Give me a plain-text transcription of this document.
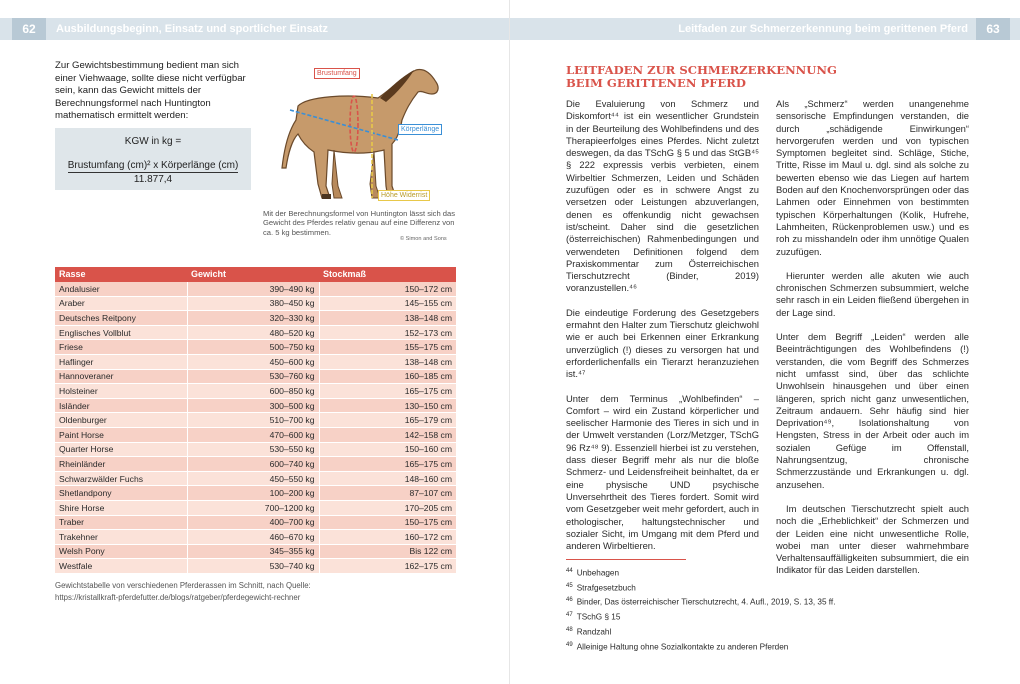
62	Ausbildungsbeginn, Einsatz und sportlicher Einsatz

Zur Gewichtsbestimmung bedient man sich einer Viehwaage, sollte diese nicht verfügbar sein, kann das Gewicht mittels der Berechnungsformel nach Huntington mathematisch ermittelt werden:

KGW in kg =
Brustumfang (cm)² x Körperlänge (cm)
11.877,4
Brustumfang
Körperlänge
Höhe Widerrist

Mit der Berechnungsformel von Huntington lässt sich das Gewicht des Pferdes relativ genau auf eine Differenz von ca. 5 kg bestimmen.

© Simon and Sons
Rasse	Gewicht	Stockmaß
Andalusier	390–490 kg	150–172 cm
Araber	380–450 kg	145–155 cm
Deutsches Reitpony	320–330 kg	138–148 cm
Englisches Vollblut	480–520 kg	152–173 cm
Friese	500–750 kg	155–175 cm
Haflinger	450–600 kg	138–148 cm
Hannoveraner	530–760 kg	160–185 cm
Holsteiner	600–850 kg	165–175 cm
Isländer	300–500 kg	130–150 cm
Oldenburger	510–700 kg	165–179 cm
Paint Horse	470–600 kg	142–158 cm
Quarter Horse	530–550 kg	150–160 cm
Rheinländer	600–740 kg	165–175 cm
Schwarzwälder Fuchs	450–550 kg	148–160 cm
Shetlandpony	100–200 kg	87–107 cm
Shire Horse	700–1200 kg	170–205 cm
Traber	400–700 kg	150–175 cm
Trakehner	460–670 kg	160–172 cm
Welsh Pony	345–355 kg	Bis 122 cm
Westfale	530–740 kg	162–175 cm
Gewichtstabelle von verschiedenen Pferderassen im Schnitt, nach Quelle:
https://kristallkraft-pferdefutter.de/blogs/ratgeber/pferdegewicht-rechner
Leitfaden zur Schmerzerkennung beim gerittenen Pferd	63
LEITFADEN ZUR SCHMERZERKENNUNG
BEIM GERITTENEN PFERD

Die Evaluierung von Schmerz und Diskomfort⁴⁴ ist ein wesentlicher Grundstein in der Beurteilung des Wohlbefindens und des Therapieerfolges eines Pferdes. Nicht zuletzt deswegen, da das TSchG § 5 und das StGB⁴⁵ § 222 expressis verbis verbieten, einem Wirbeltier Schmerzen, Leiden und Schäden zuzufügen oder es in schwere Angst zu versetzen oder Leistungen abzuverlangen, denen es offenkundig nicht gewachsen ist/scheint. Daher sind die gesetzlichen (österreichischen) Rahmenbedingungen und verwendeten Definitionen folgend dem Praxiskommentar zum Österreichischen Tierschutzrecht (Binder, 2019) voranzustellen.⁴⁶

Die eindeutige Forderung des Gesetzgebers ermahnt den Halter zum Tierschutz gleichwohl wie er auch bei Erkennen einer Erkrankung unverzüglich (!) dieses zu versorgen hat und erforderlichenfalls ein Tierarzt heranzuziehen ist.⁴⁷

Unter dem Terminus „Wohlbefinden“ – Comfort – wird ein Zustand körperlicher und seelischer Harmonie des Tieres in sich und in der Umwelt verstanden (Lorz/Metzger, TSchG 96 Rz⁴⁸ 9). Essenziell hierbei ist zu verstehen, dass dieser Begriff mehr als nur die bloße Schmerz- und Leidensfreiheit beinhaltet, da er eine physische UND psychische Unversehrtheit des Tieres fordert. Somit wird vom Gesetzgeber weit mehr gefordert, auch in ethologischer, haltungstechnischer und sozialer Sicht, im Umgang mit dem Pferd und anderen Wirbeltieren.

Als „Schmerz“ werden unangenehme sensorische Empfindungen verstanden, die durch „schädigende Einwirkungen“ hervorgerufen werden und von typischen Symptomen begleitet sind. Schläge, Stiche, Tritte, Risse im Maul u. dgl. sind als solche zu bewerten ebenso wie das Liegen auf hartem Boden auf den Knochenvorsprüngen oder das Lahmen oder Einnehmen von bestimmten typischen Körperhaltungen (Kolik, Hufrehe, Lahmheiten, Rückenproblemen usw.) und es roh zu misshandeln oder ihm unnötige Qualen zuzufügen.

Hierunter werden alle akuten wie auch chronischen Schmerzen subsummiert, welche sehr rasch in ein Leiden fließend übergehen in der Lage sind.

Unter dem Begriff „Leiden“ werden alle Beeinträchtigungen des Wohlbefindens (!) verstanden, die vom Begriff des Schmerzes nicht umfasst sind, über das schlichte Unwohlsein hinausgehen und über einen längeren, sprich nicht ganz unwesentlichen, Zeitraum andauern. Sehr häufig sind hier Deprivation⁴⁹, Isolationshaltung von Hengsten, Stress in der Arbeit oder auch im sozialen Gefüge im Offenstall, Nahrungsentzug, chronische Schmerzzustände und Erkrankungen u. dgl. anzusehen.

Im deutschen Tierschutzrecht spielt auch noch die „Erheblichkeit“ der Schmerzen und der Leiden eine nicht unwesentliche Rolle, wobei man unter dieser wahrnehmbare Verhaltensauffälligkeiten subsummiert, die ein Indikator für das Leiden darstellen.

$^{44}$ Unbehagen
$^{45}$ Strafgesetzbuch
$^{46}$ Binder, Das österreichischer Tierschutzrecht, 4. Aufl., 2019, S. 13, 35 ff.
$^{47}$ TSchG § 15
$^{48}$ Randzahl
$^{49}$ Alleinige Haltung ohne Sozialkontakte zu anderen Pferden
